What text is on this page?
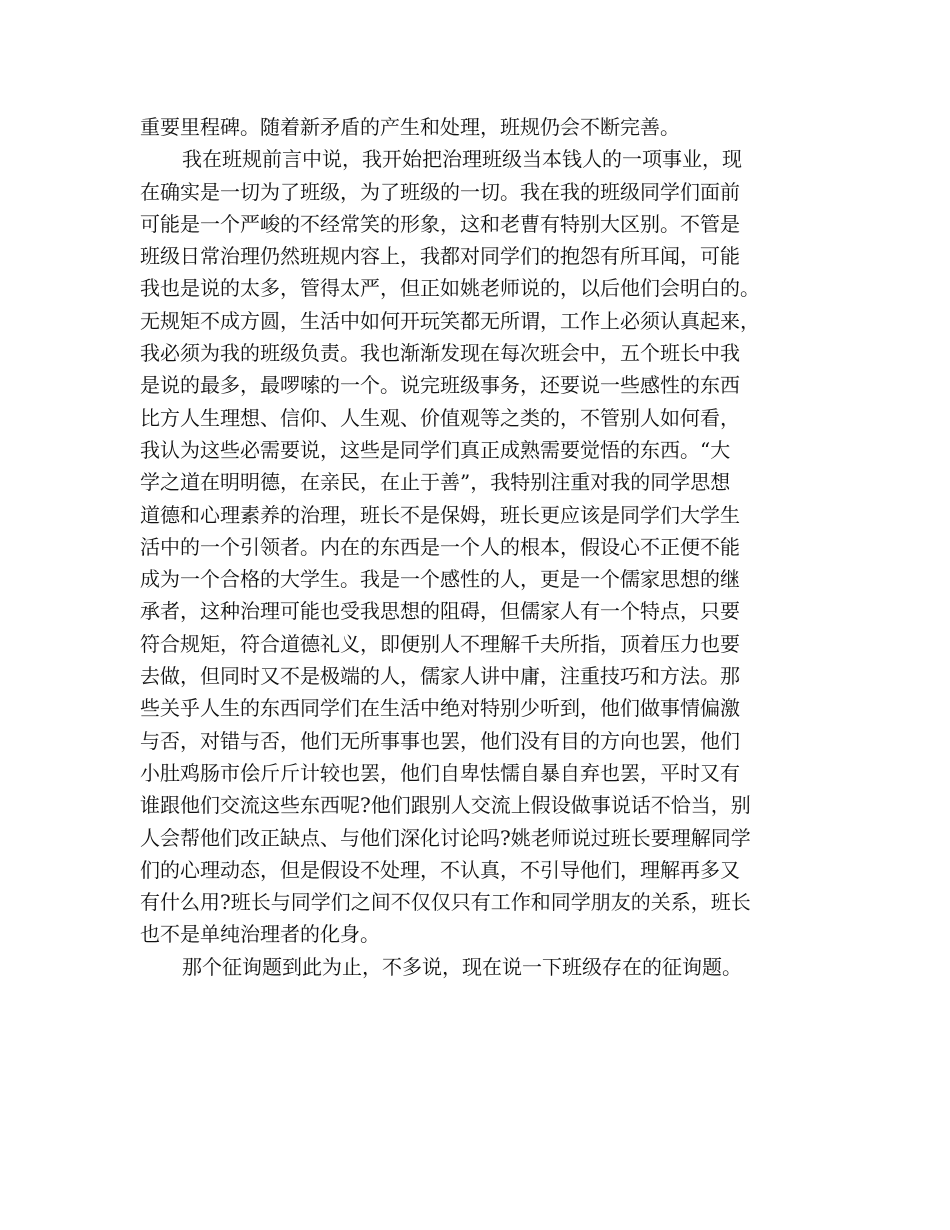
重要里程碑。随着新矛盾的产生和处理，班规仍会不断完善。
我在班规前言中说，我开始把治理班级当本钱人的一项事业，现
在确实是一切为了班级，为了班级的一切。我在我的班级同学们面前
可能是一个严峻的不经常笑的形象，这和老曹有特别大区别。不管是
班级日常治理仍然班规内容上，我都对同学们的抱怨有所耳闻，可能
我也是说的太多，管得太严，但正如姚老师说的，以后他们会明白的。
无规矩不成方圆，生活中如何开玩笑都无所谓，工作上必须认真起来，
我必须为我的班级负责。我也渐渐发现在每次班会中，五个班长中我
是说的最多，最啰嗦的一个。说完班级事务，还要说一些感性的东西
比方人生理想、信仰、人生观、价值观等之类的，不管别人如何看，
我认为这些必需要说，这些是同学们真正成熟需要觉悟的东西。“大
学之道在明明德，在亲民，在止于善”，我特别注重对我的同学思想
道德和心理素养的治理，班长不是保姆，班长更应该是同学们大学生
活中的一个引领者。内在的东西是一个人的根本，假设心不正便不能
成为一个合格的大学生。我是一个感性的人，更是一个儒家思想的继
承者，这种治理可能也受我思想的阻碍，但儒家人有一个特点，只要
符合规矩，符合道德礼义，即便别人不理解千夫所指，顶着压力也要
去做，但同时又不是极端的人，儒家人讲中庸，注重技巧和方法。那
些关乎人生的东西同学们在生活中绝对特别少听到，他们做事情偏激
与否，对错与否，他们无所事事也罢，他们没有目的方向也罢，他们
小肚鸡肠市侩斤斤计较也罢，他们自卑怯懦自暴自弃也罢，平时又有
谁跟他们交流这些东西呢?他们跟别人交流上假设做事说话不恰当，别
人会帮他们改正缺点、与他们深化讨论吗?姚老师说过班长要理解同学
们的心理动态，但是假设不处理，不认真，不引导他们，理解再多又
有什么用?班长与同学们之间不仅仅只有工作和同学朋友的关系，班长
也不是单纯治理者的化身。
那个征询题到此为止，不多说，现在说一下班级存在的征询题。
